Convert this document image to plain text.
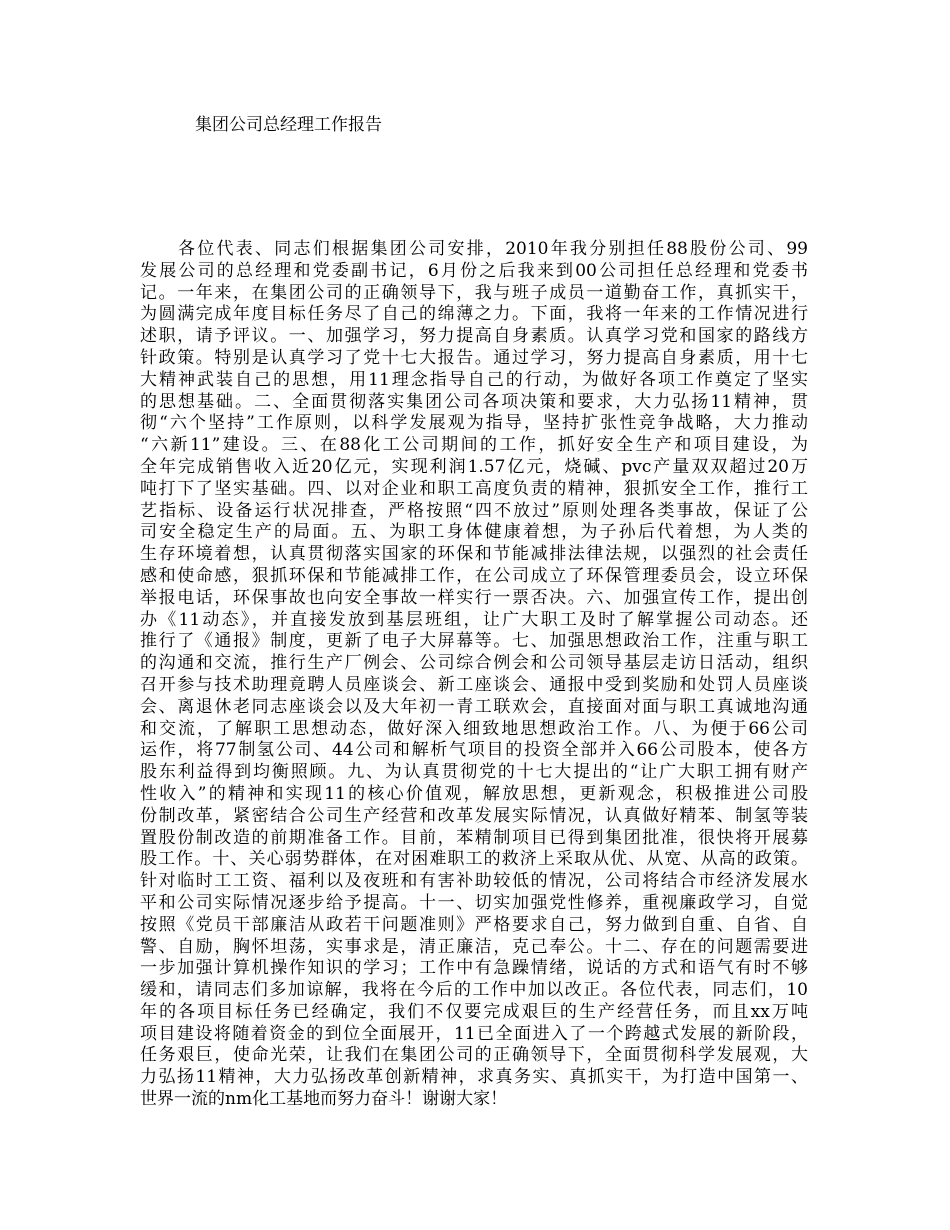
集团公司总经理工作报告
各位代表、同志们根据集团公司安排，2010年我分别担任88股份公司、99
发展公司的总经理和党委副书记，6月份之后我来到00公司担任总经理和党委书
记。一年来，在集团公司的正确领导下，我与班子成员一道勤奋工作，真抓实干，
为圆满完成年度目标任务尽了自己的绵薄之力。下面，我将一年来的工作情况进行
述职，请予评议。一、加强学习，努力提高自身素质。认真学习党和国家的路线方
针政策。特别是认真学习了党十七大报告。通过学习，努力提高自身素质，用十七
大精神武装自己的思想，用11理念指导自己的行动，为做好各项工作奠定了坚实
的思想基础。二、全面贯彻落实集团公司各项决策和要求，大力弘扬11精神，贯
彻“六个坚持”工作原则，以科学发展观为指导，坚持扩张性竞争战略，大力推动
“六新11”建设。三、在88化工公司期间的工作，抓好安全生产和项目建设，为
全年完成销售收入近20亿元，实现利润1.57亿元，烧碱、pvc产量双双超过20万
吨打下了坚实基础。四、以对企业和职工高度负责的精神，狠抓安全工作，推行工
艺指标、设备运行状况排查，严格按照“四不放过”原则处理各类事故，保证了公
司安全稳定生产的局面。五、为职工身体健康着想，为子孙后代着想，为人类的
生存环境着想，认真贯彻落实国家的环保和节能减排法律法规，以强烈的社会责任
感和使命感，狠抓环保和节能减排工作，在公司成立了环保管理委员会，设立环保
举报电话，环保事故也向安全事故一样实行一票否决。六、加强宣传工作，提出创
办《11动态》，并直接发放到基层班组，让广大职工及时了解掌握公司动态。还
推行了《通报》制度，更新了电子大屏幕等。七、加强思想政治工作，注重与职工
的沟通和交流，推行生产厂例会、公司综合例会和公司领导基层走访日活动，组织
召开参与技术助理竟聘人员座谈会、新工座谈会、通报中受到奖励和处罚人员座谈
会、离退休老同志座谈会以及大年初一青工联欢会，直接面对面与职工真诚地沟通
和交流，了解职工思想动态，做好深入细致地思想政治工作。八、为便于66公司
运作，将77制氢公司、44公司和解析气项目的投资全部并入66公司股本，使各方
股东利益得到均衡照顾。九、为认真贯彻党的十七大提出的“让广大职工拥有财产
性收入”的精神和实现11的核心价值观，解放思想，更新观念，积极推进公司股
份制改革，紧密结合公司生产经营和改革发展实际情况，认真做好精苯、制氢等装
置股份制改造的前期准备工作。目前，苯精制项目已得到集团批准，很快将开展募
股工作。十、关心弱势群体，在对困难职工的救济上采取从优、从宽、从高的政策。
针对临时工工资、福利以及夜班和有害补助较低的情况，公司将结合市经济发展水
平和公司实际情况逐步给予提高。十一、切实加强党性修养，重视廉政学习，自觉
按照《党员干部廉洁从政若干问题准则》严格要求自己，努力做到自重、自省、自
警、自励，胸怀坦荡，实事求是，清正廉洁，克己奉公。十二、存在的问题需要进
一步加强计算机操作知识的学习；工作中有急躁情绪，说话的方式和语气有时不够
缓和，请同志们多加谅解，我将在今后的工作中加以改正。各位代表，同志们，10
年的各项目标任务已经确定，我们不仅要完成艰巨的生产经营任务，而且xx万吨
项目建设将随着资金的到位全面展开，11已全面进入了一个跨越式发展的新阶段，
任务艰巨，使命光荣，让我们在集团公司的正确领导下，全面贯彻科学发展观，大
力弘扬11精神，大力弘扬改革创新精神，求真务实、真抓实干，为打造中国第一、
世界一流的nm化工基地而努力奋斗！谢谢大家！
